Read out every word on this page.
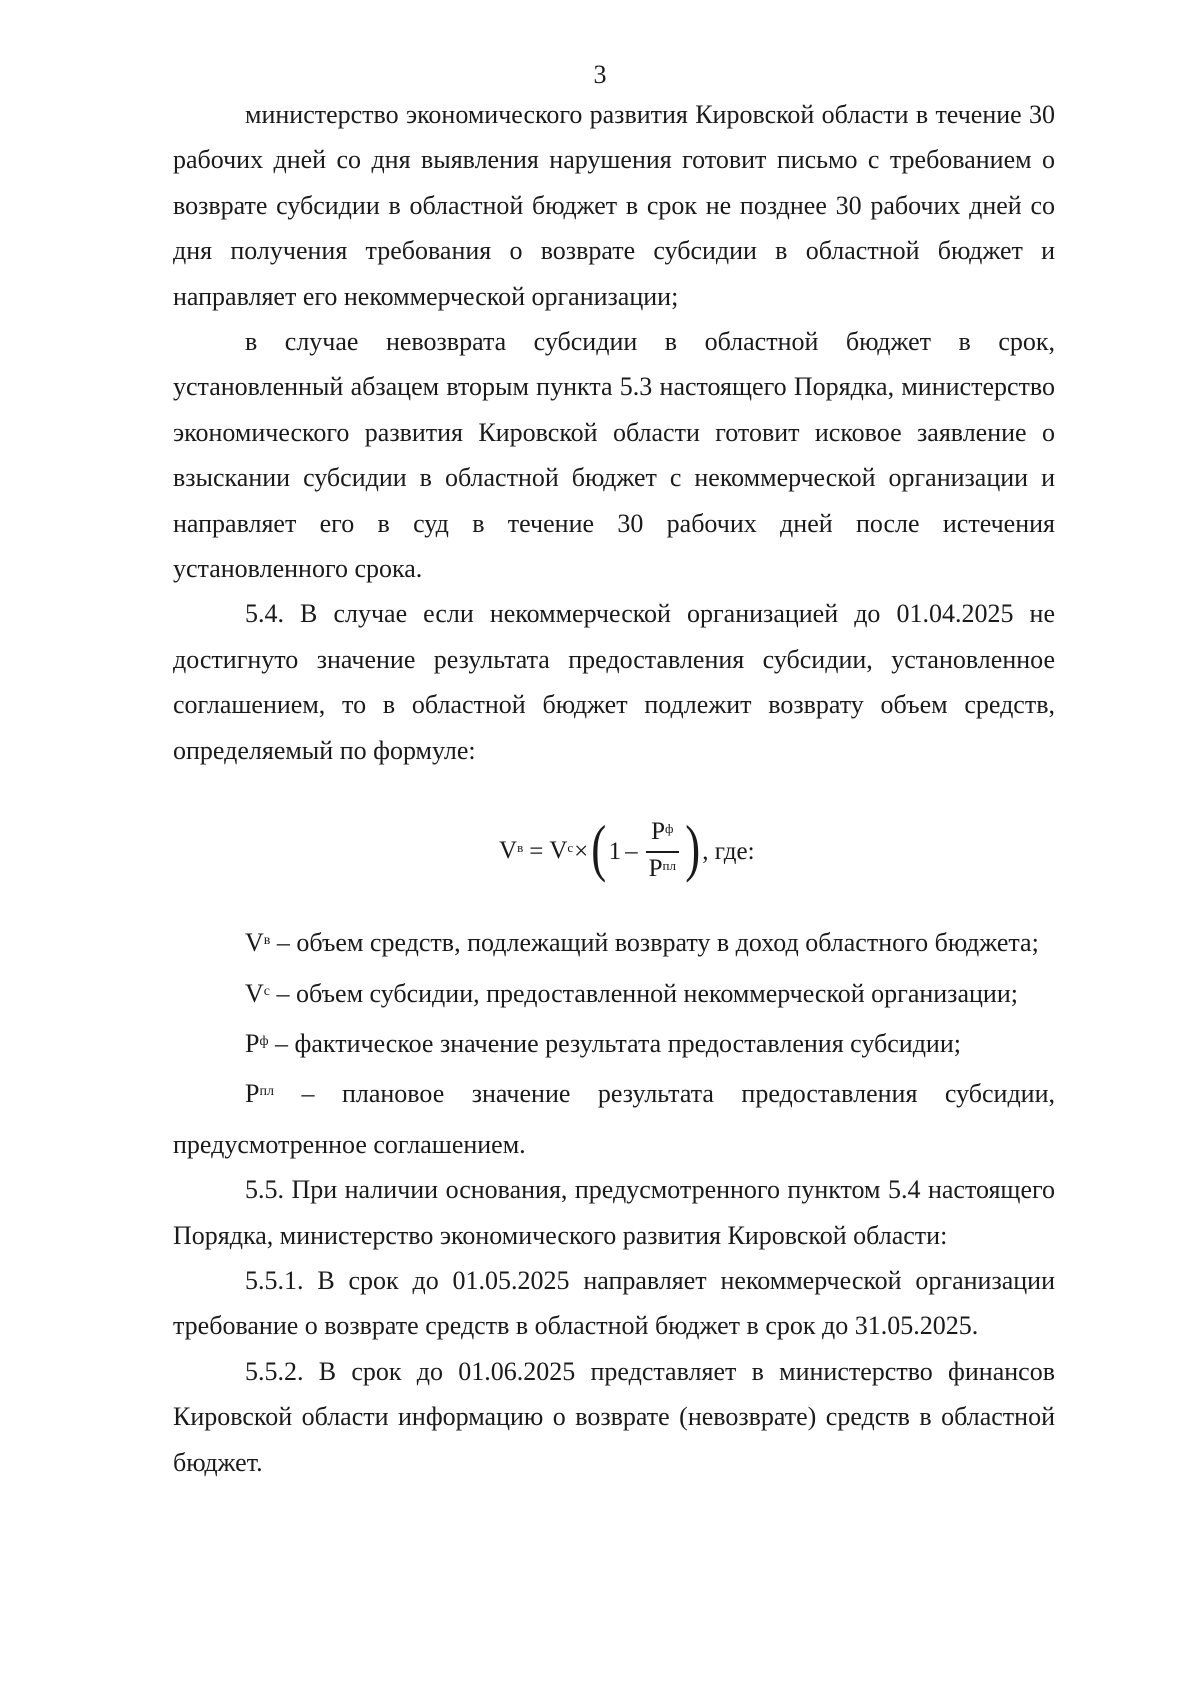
3

министерство экономического развития Кировской области в течение 30 рабочих дней со дня выявления нарушения готовит письмо с требованием о возврате субсидии в областной бюджет в срок не позднее 30 рабочих дней со дня получения требования о возврате субсидии в областной бюджет и направляет его некоммерческой организации;

в случае невозврата субсидии в областной бюджет в срок, установленный абзацем вторым пункта 5.3 настоящего Порядка, министерство экономического развития Кировской области готовит исковое заявление о взыскании субсидии в областной бюджет с некоммерческой организации и направляет его в суд в течение 30 рабочих дней после истечения установленного срока.

5.4. В случае если некоммерческой организацией до 01.04.2025 не достигнуто значение результата предоставления субсидии, установленное соглашением, то в областной бюджет подлежит возврату объем средств, определяемый по формуле:

$V^в = V^с$ × ( $1 - \frac{P^ф}{P^{пл}}$ ) , где:

$V^в$ – объем средств, подлежащий возврату в доход областного бюджета;

$V^с$ – объем субсидии, предоставленной некоммерческой организации;

$P^ф$ – фактическое значение результата предоставления субсидии;

$P^{пл}$ – плановое значение результата предоставления субсидии, предусмотренное соглашением.

5.5. При наличии основания, предусмотренного пунктом 5.4 настоящего Порядка, министерство экономического развития Кировской области:

5.5.1. В срок до 01.05.2025 направляет некоммерческой организации требование о возврате средств в областной бюджет в срок до 31.05.2025.

5.5.2. В срок до 01.06.2025 представляет в министерство финансов Кировской области информацию о возврате (невозврате) средств в областной бюджет.
